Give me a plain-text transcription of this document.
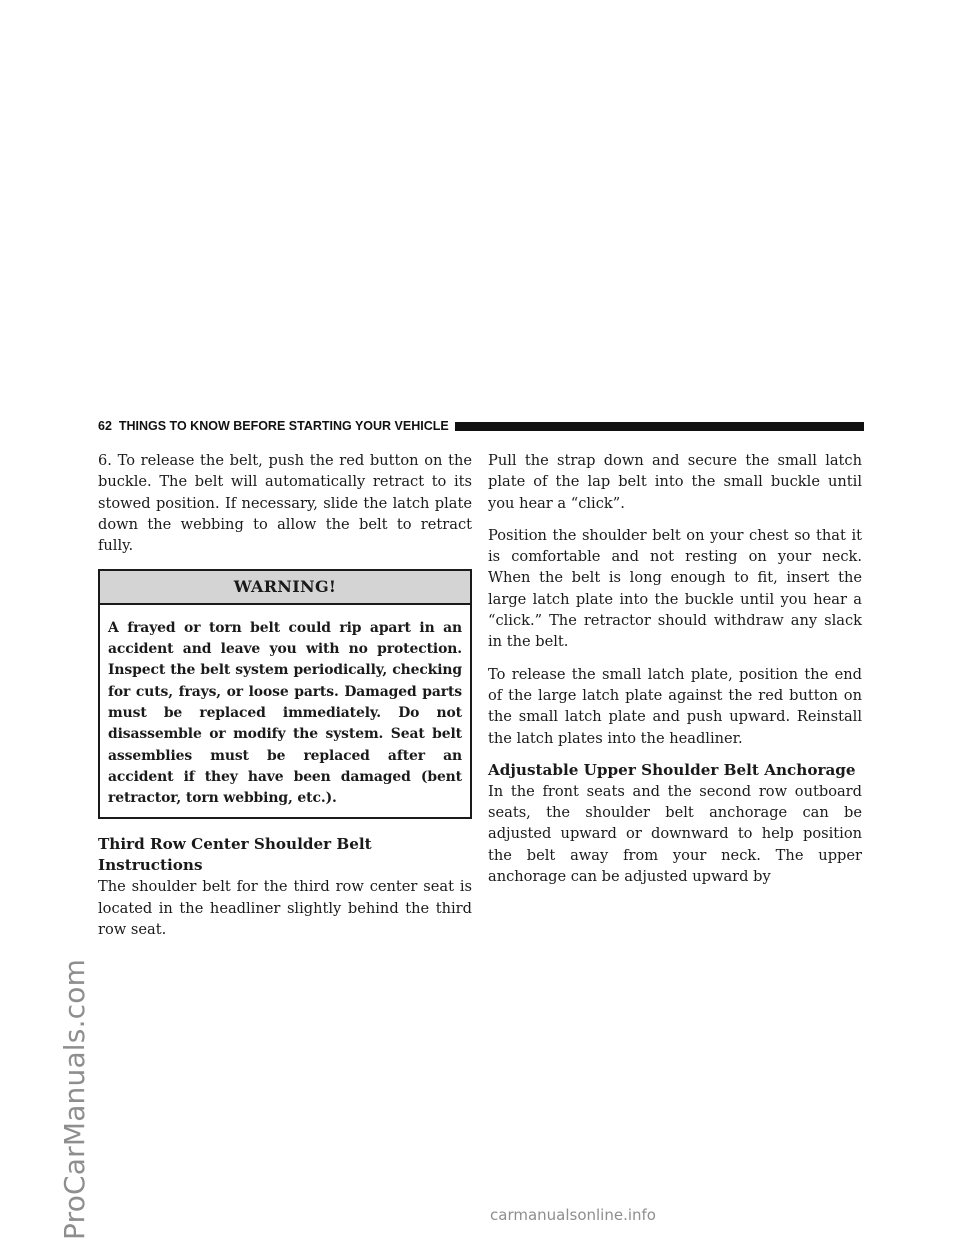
ProCarManuals.com
62 THINGS TO KNOW BEFORE STARTING YOUR VEHICLE

6. To release the belt, push the red button on the buckle. The belt will automatically retract to its stowed position. If necessary, slide the latch plate down the webbing to allow the belt to retract fully.

WARNING!
A frayed or torn belt could rip apart in an accident and leave you with no protection. Inspect the belt system periodically, checking for cuts, frays, or loose parts. Damaged parts must be replaced immediately. Do not disassemble or modify the system. Seat belt assemblies must be replaced after an accident if they have been damaged (bent retractor, torn webbing, etc.).
Third Row Center Shoulder Belt Instructions

The shoulder belt for the third row center seat is located in the headliner slightly behind the third row seat.

Pull the strap down and secure the small latch plate of the lap belt into the small buckle until you hear a “click”.

Position the shoulder belt on your chest so that it is comfortable and not resting on your neck. When the belt is long enough to fit, insert the large latch plate into the buckle until you hear a “click.” The retractor should withdraw any slack in the belt.

To release the small latch plate, position the end of the large latch plate against the red button on the small latch plate and push upward. Reinstall the latch plates into the headliner.

Adjustable Upper Shoulder Belt Anchorage

In the front seats and the second row outboard seats, the shoulder belt anchorage can be adjusted upward or downward to help position the belt away from your neck. The upper anchorage can be adjusted upward by

carmanualsonline.info
